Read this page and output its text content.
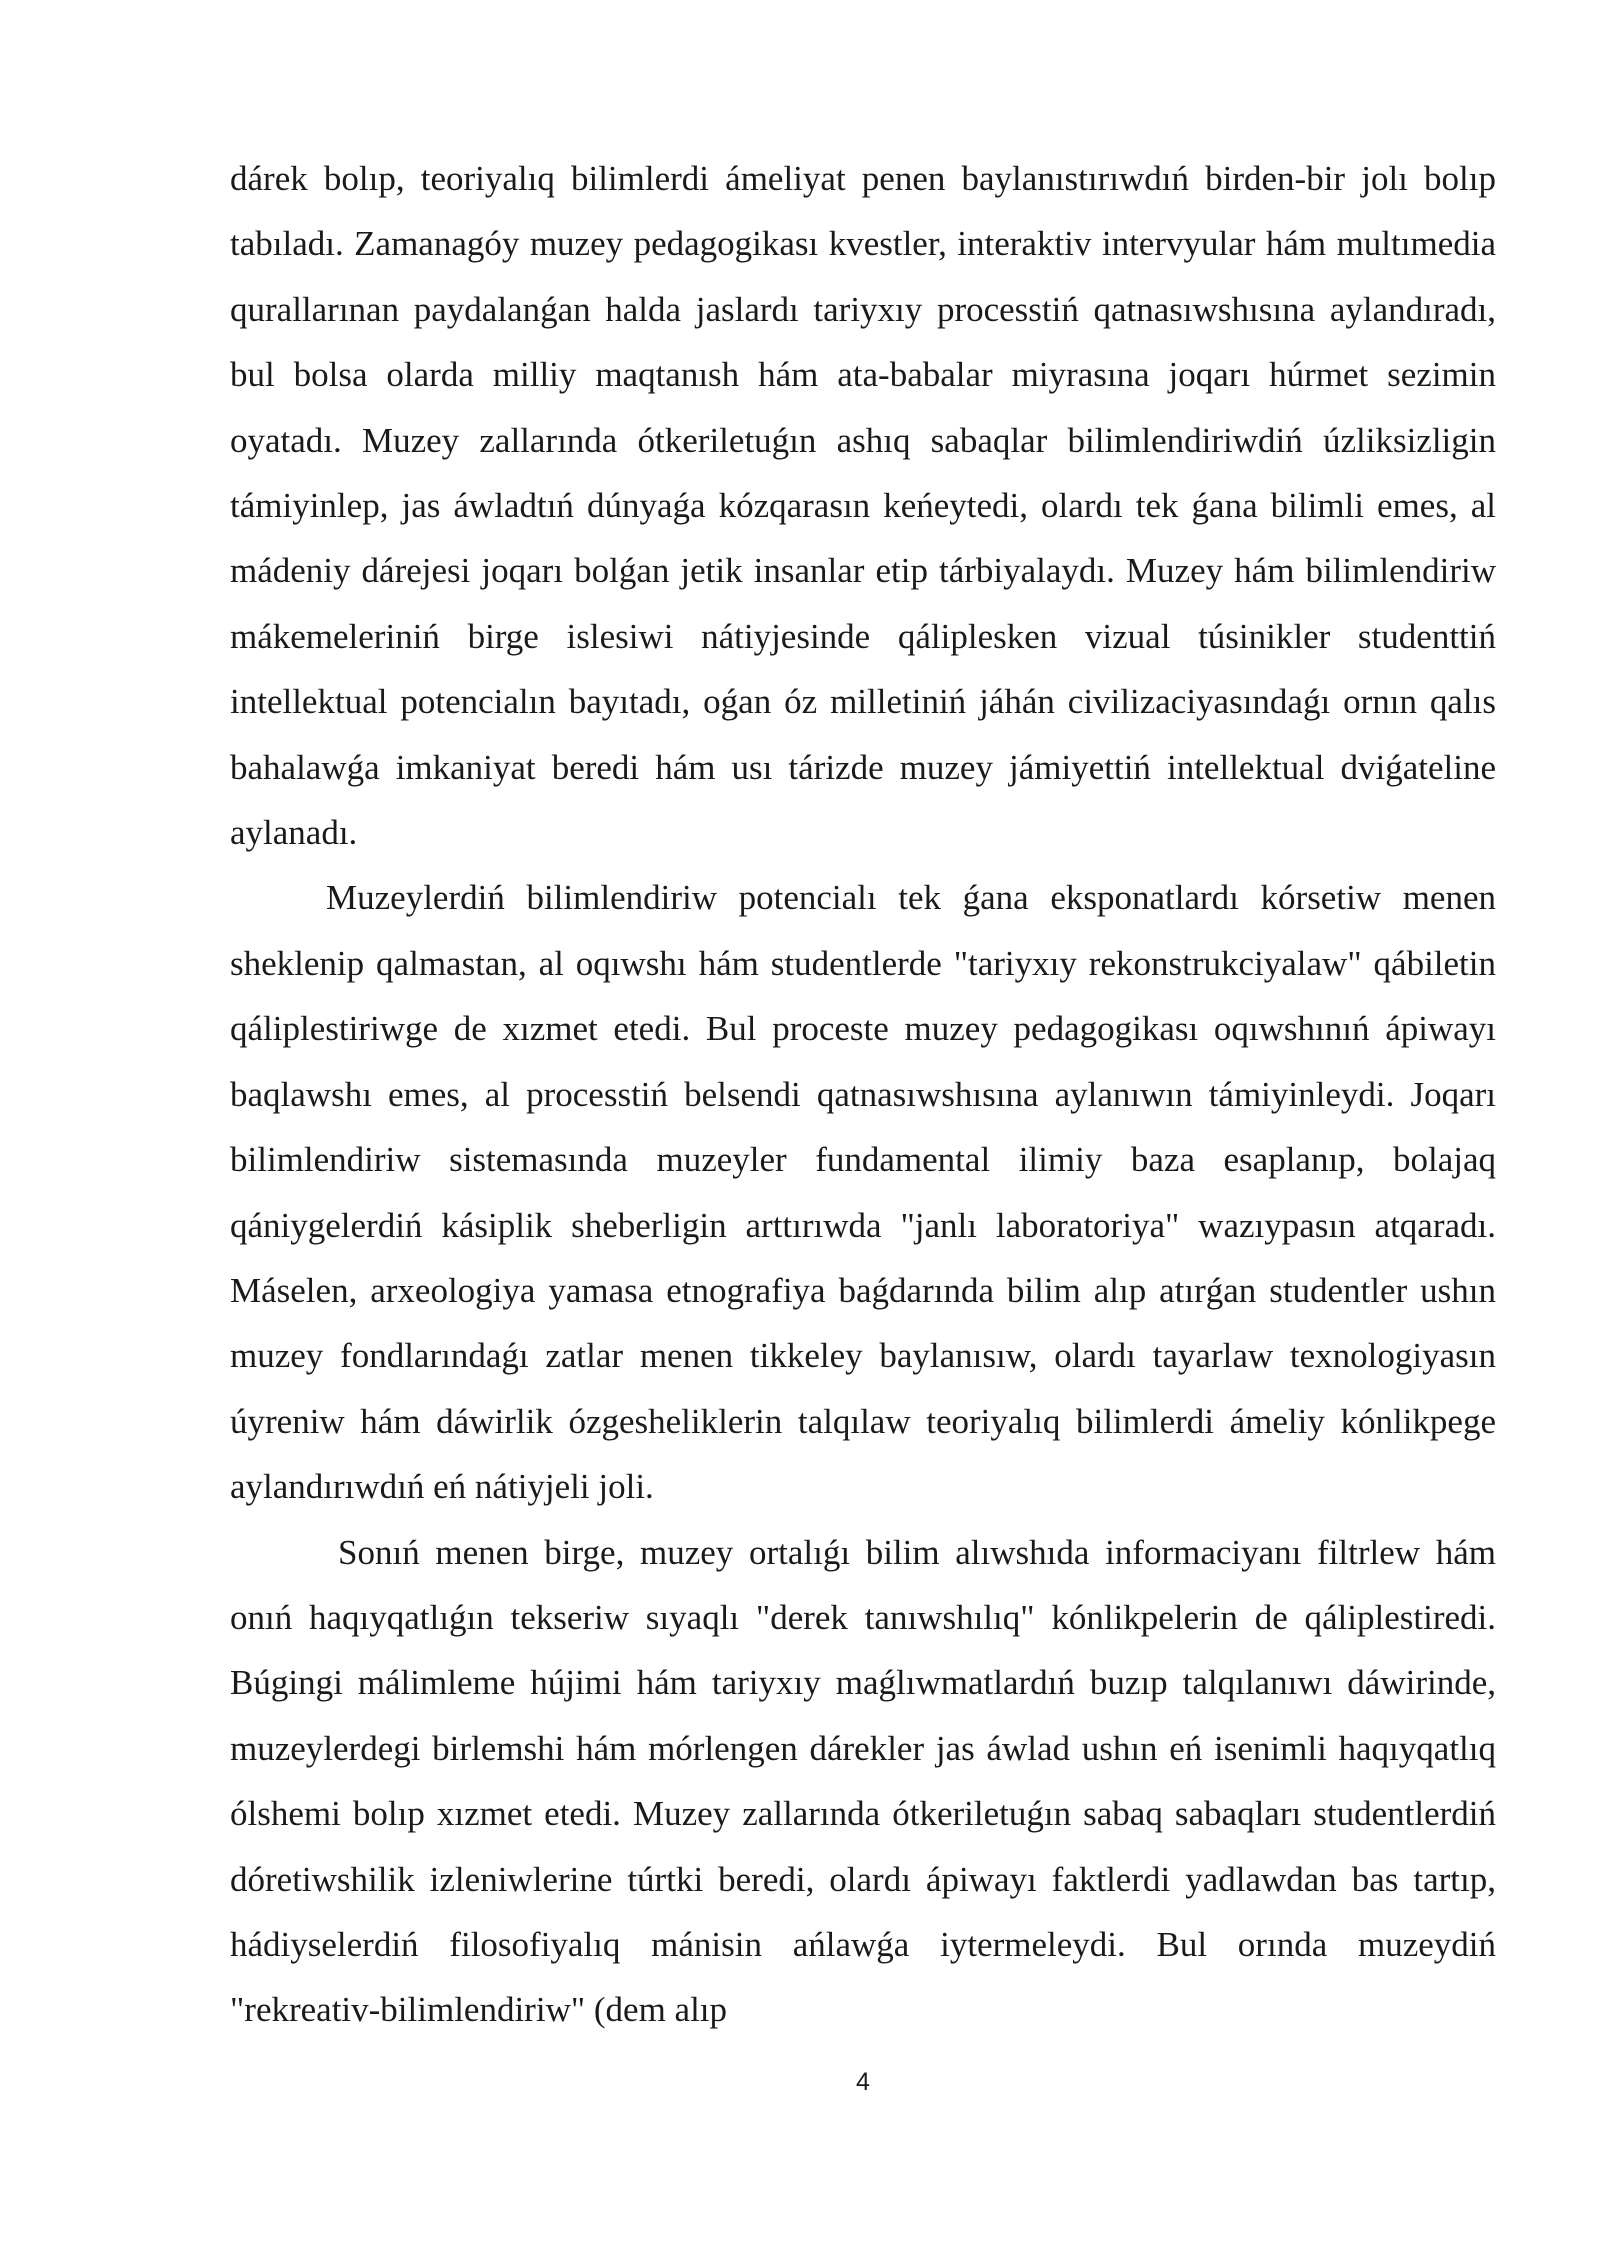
dárek bolıp, teoriyalıq bilimlerdi ámeliyat penen baylanıstırıwdıń birden-bir jolı bolıp tabıladı. Zamanagóy muzey pedagogikası kvestler, interaktiv intervyular hám multımedia qurallarınan paydalanǵan halda jaslardı tariyxıy processtiń qatnasıwshısına aylandıradı, bul bolsa olarda milliy maqtanısh hám ata-babalar miyrasına joqarı húrmet sezimin oyatadı. Muzey zallarında ótkeriletuǵın ashıq sabaqlar bilimlendiriwdiń úzliksizligin támiyinlep, jas áwladtıń dúnyaǵa kózqarasın keńeytedi, olardı tek ǵana bilimli emes, al mádeniy dárejesi joqarı bolǵan jetik insanlar etip tárbiyalaydı. Muzey hám bilimlendiriw mákemeleriniń birge islesiwi nátiyjesinde qáliplesken vizual túsinikler studenttiń intellektual potencialın bayıtadı, oǵan óz milletiniń jáhán civilizaciyasındaǵı ornın qalıs bahalawǵa imkaniyat beredi hám usı tárizde muzey jámiyettiń intellektual dviǵateline aylanadı.

Muzeylerdiń bilimlendiriw potencialı tek ǵana eksponatlardı kórsetiw menen sheklenip qalmastan, al oqıwshı hám studentlerde "tariyxıy rekonstrukciyalaw" qábiletin qáliplestiriwge de xızmet etedi. Bul proceste muzey pedagogikası oqıwshınıń ápiwayı baqlawshı emes, al processtiń belsendi qatnasıwshısına aylanıwın támiyinleydi. Joqarı bilimlendiriw sistemasında muzeyler fundamental ilimiy baza esaplanıp, bolajaq qániygelerdiń kásiplik sheberligin arttırıwda "janlı laboratoriya" wazıypasın atqaradı. Máselen, arxeologiya yamasa etnografiya baǵdarında bilim alıp atırǵan studentler ushın muzey fondlarındaǵı zatlar menen tikkeley baylanısıw, olardı tayarlaw texnologiyasın úyreniw hám dáwirlik ózgesheliklerin talqılaw teoriyalıq bilimlerdi ámeliy kónlikpege aylandırıwdıń eń nátiyjeli joli.

Sonıń menen birge, muzey ortalıǵı bilim alıwshıda informaciyanı filtrlew hám onıń haqıyqatlıǵın tekseriw sıyaqlı "derek tanıwshılıq" kónlikpelerin de qáliplestiredi. Búgingi málimleme hújimi hám tariyxıy maǵlıwmatlardıń buzıp talqılanıwı dáwirinde, muzeylerdegi birlemshi hám mórlengen dárekler jas áwlad ushın eń isenimli haqıyqatlıq ólshemi bolıp xızmet etedi. Muzey zallarında ótkeriletuǵın sabaq sabaqları studentlerdiń dóretiwshilik izleniwlerine túrtki beredi, olardı ápiwayı faktlerdi yadlawdan bas tartıp, hádiyselerdiń filosofiyalıq mánisin ańlawǵa iytermeleydi. Bul orında muzeydiń "rekreativ-bilimlendiriw" (dem alıp

4
